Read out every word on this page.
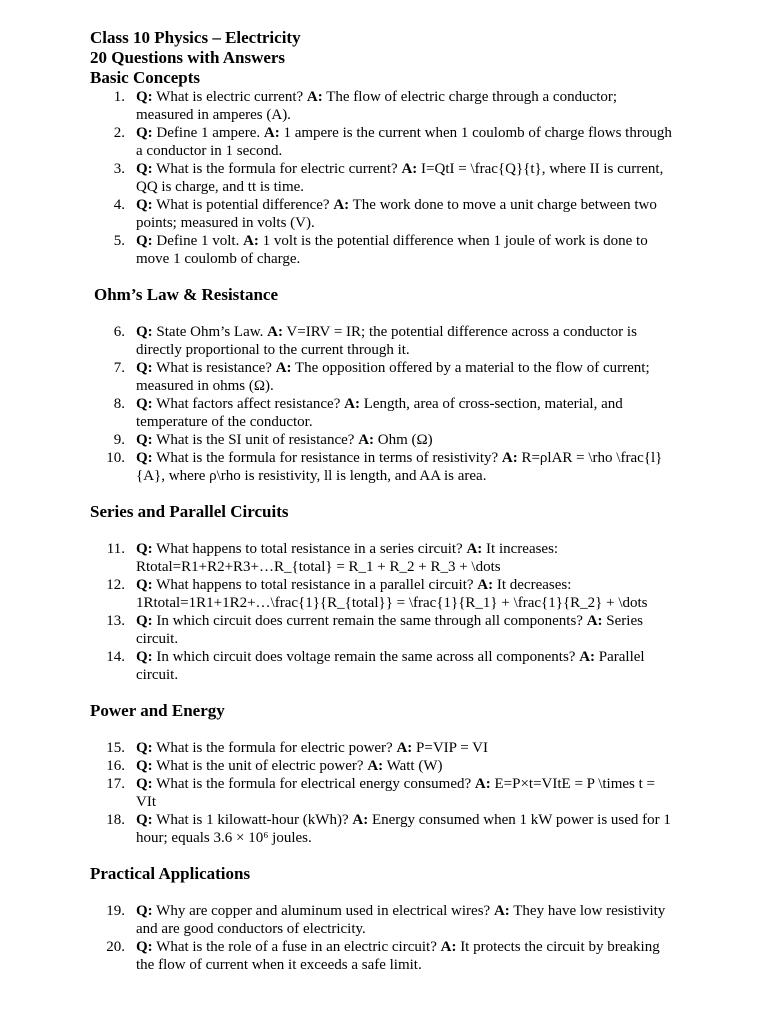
Class 10 Physics – Electricity
20 Questions with Answers
Basic Concepts
1. Q: What is electric current? A: The flow of electric charge through a conductor; measured in amperes (A).
2. Q: Define 1 ampere. A: 1 ampere is the current when 1 coulomb of charge flows through a conductor in 1 second.
3. Q: What is the formula for electric current? A: I=QtI = \frac{Q}{t}, where II is current, QQ is charge, and tt is time.
4. Q: What is potential difference? A: The work done to move a unit charge between two points; measured in volts (V).
5. Q: Define 1 volt. A: 1 volt is the potential difference when 1 joule of work is done to move 1 coulomb of charge.
Ohm’s Law & Resistance
6. Q: State Ohm’s Law. A: V=IRV = IR; the potential difference across a conductor is directly proportional to the current through it.
7. Q: What is resistance? A: The opposition offered by a material to the flow of current; measured in ohms (Ω).
8. Q: What factors affect resistance? A: Length, area of cross-section, material, and temperature of the conductor.
9. Q: What is the SI unit of resistance? A: Ohm (Ω)
10. Q: What is the formula for resistance in terms of resistivity? A: R=ρlAR = \rho \frac{l}{A}, where ρ\rho is resistivity, ll is length, and AA is area.
Series and Parallel Circuits
11. Q: What happens to total resistance in a series circuit? A: It increases: Rtotal=R1+R2+R3+…R_{total} = R_1 + R_2 + R_3 + \dots
12. Q: What happens to total resistance in a parallel circuit? A: It decreases: 1Rtotal=1R1+1R2+…\frac{1}{R_{total}} = \frac{1}{R_1} + \frac{1}{R_2} + \dots
13. Q: In which circuit does current remain the same through all components? A: Series circuit.
14. Q: In which circuit does voltage remain the same across all components? A: Parallel circuit.
Power and Energy
15. Q: What is the formula for electric power? A: P=VIP = VI
16. Q: What is the unit of electric power? A: Watt (W)
17. Q: What is the formula for electrical energy consumed? A: E=P×t=VItE = P \times t = VIt
18. Q: What is 1 kilowatt-hour (kWh)? A: Energy consumed when 1 kW power is used for 1 hour; equals 3.6 × 10⁶ joules.
Practical Applications
19. Q: Why are copper and aluminum used in electrical wires? A: They have low resistivity and are good conductors of electricity.
20. Q: What is the role of a fuse in an electric circuit? A: It protects the circuit by breaking the flow of current when it exceeds a safe limit.
